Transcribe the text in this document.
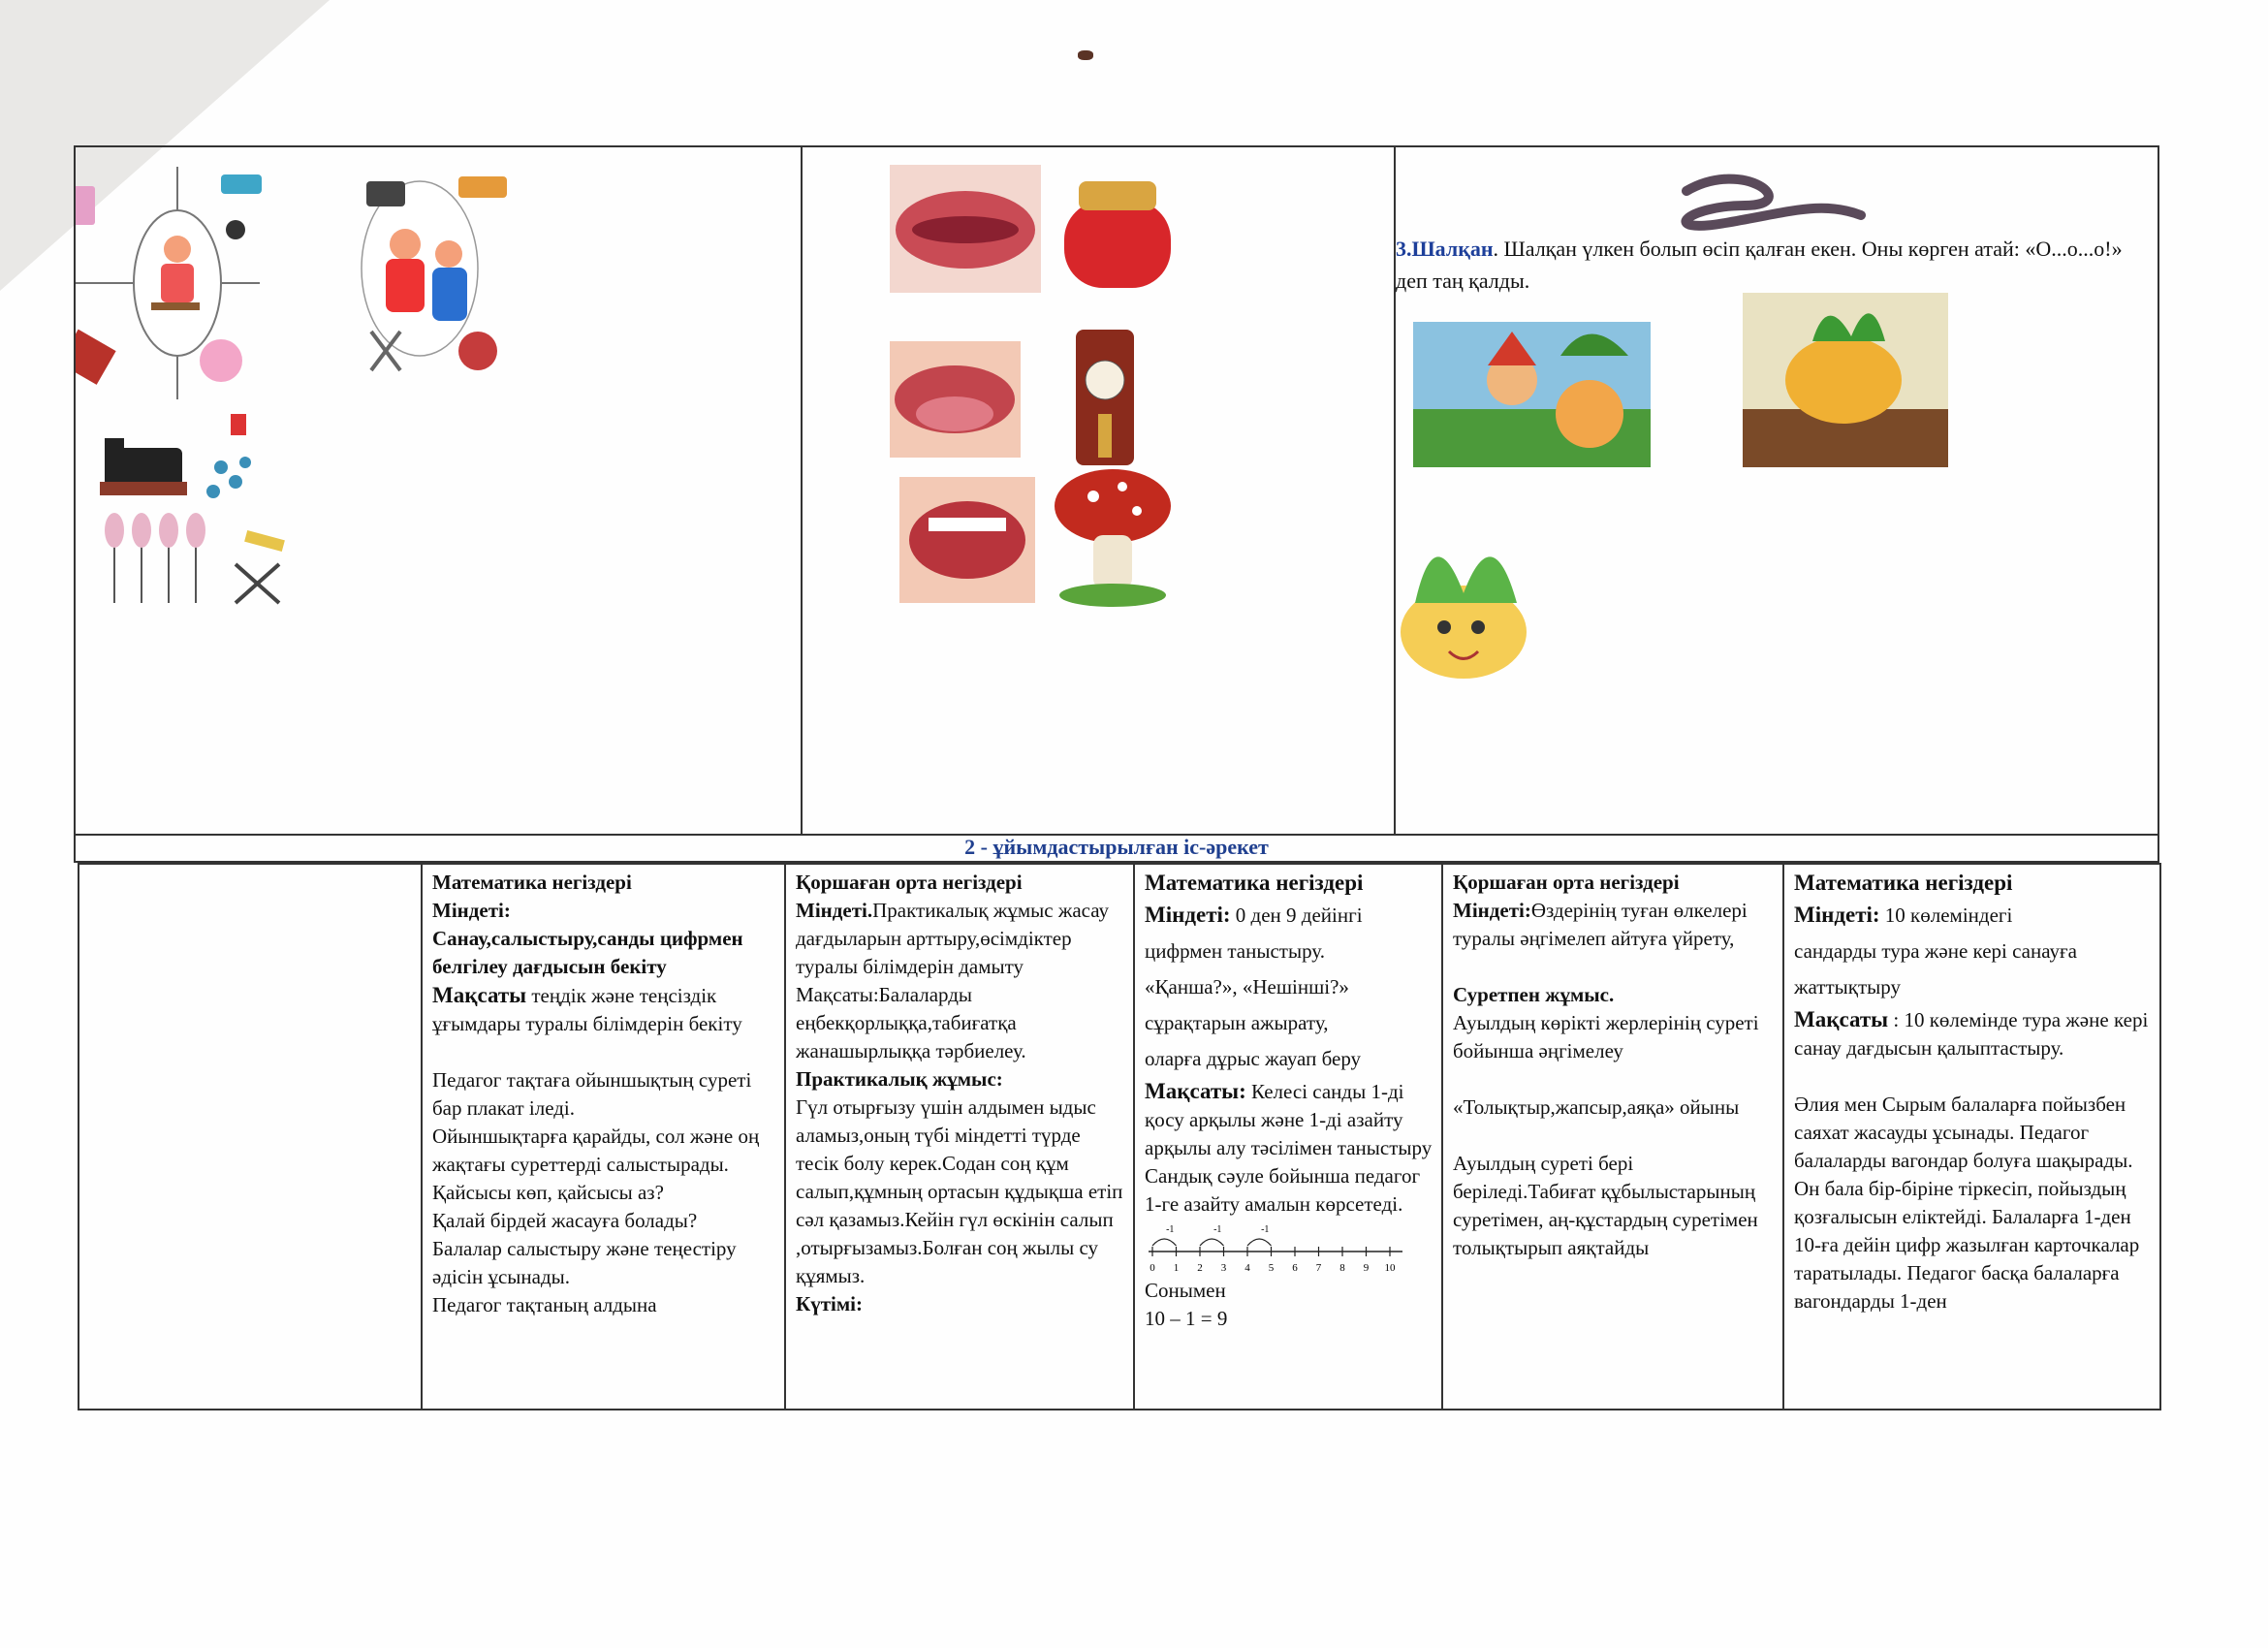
3.Шалқан. Шалқан үлкен болып өсіп қалған екен. Оны көрген атай: «О...о...о!» деп таң қалды.
2 - ұйымдастырылған іс-әрекет

Математика негіздері

Міндеті:

Санау,салыстыру,санды цифрмен белгілеу дағдысын бекіту

Мақсаты теңдік және теңсіздік ұғымдары туралы білімдерін бекіту

Педагог тақтаға ойыншықтың суреті бар плакат іледі.

Ойыншықтарға қарайды, сол және оң жақтағы суреттерді салыстырады.

Қайсысы көп, қайсысы аз?

Қалай бірдей жасауға болады?

Балалар салыстыру және теңестіру әдісін ұсынады.

Педагог тақтаның алдына

Қоршаған орта негіздері

Міндеті.Практикалық жұмыс жасау дағдыларын арттыру,өсімдіктер туралы білімдерін дамыту

Мақсаты:Балаларды еңбекқорлыққа,табиғатқа жанашырлыққа тәрбиелеу.

Практикалық жұмыс:

Гүл отырғызу үшін алдымен ыдыс аламыз,оның түбі міндетті түрде тесік болу керек.Содан соң құм салып,құмның ортасын құдықша етіп сәл қазамыз.Кейін гүл өскінін салып ,отырғызамыз.Болған соң жылы су құямыз.

Күтімі:

Математика негіздері

Міндеті: 0 ден 9 дейінгі

цифрмен таныстыру.

«Қанша?», «Нешінші?»

сұрақтарын ажырату,

оларға дұрыс жауап беру

Мақсаты: Келесі санды 1-ді қосу арқылы және 1-ді азайту арқылы алу тәсілімен таныстыру

Сандық сәуле бойынша педагог 1-ге азайту амалын көрсетеді.

0 1 2 3 4 5 6 7 8 9 10
-1	-1	-1

Сонымен

10 – 1 = 9

Қоршаған орта негіздері

Міндеті:Өздерінің туған өлкелері туралы әңгімелеп айтуға үйрету,

Суретпен жұмыс.

Ауылдың көрікті жерлерінің суреті бойынша әңгімелеу

«Толықтыр,жапсыр,аяқа» ойыны

Ауылдың суреті бері беріледі.Табиғат құбылыстарының суретімен, аң-құстардың суретімен толықтырып аяқтайды

Математика негіздері

Міндеті: 10 көлеміндегі

сандарды тура және кері санауға

жаттықтыру

Мақсаты : 10 көлемінде тура және кері санау дағдысын қалыптастыру.

Әлия мен Сырым балаларға пойызбен саяхат жасауды ұсынады. Педагог балаларды вагондар болуға шақырады. Он бала бір-біріне тіркесіп, пойыздың қозғалысын еліктейді. Балаларға 1-ден 10-ға дейін цифр жазылған карточкалар таратылады. Педагог басқа балаларға вагондарды 1-ден
